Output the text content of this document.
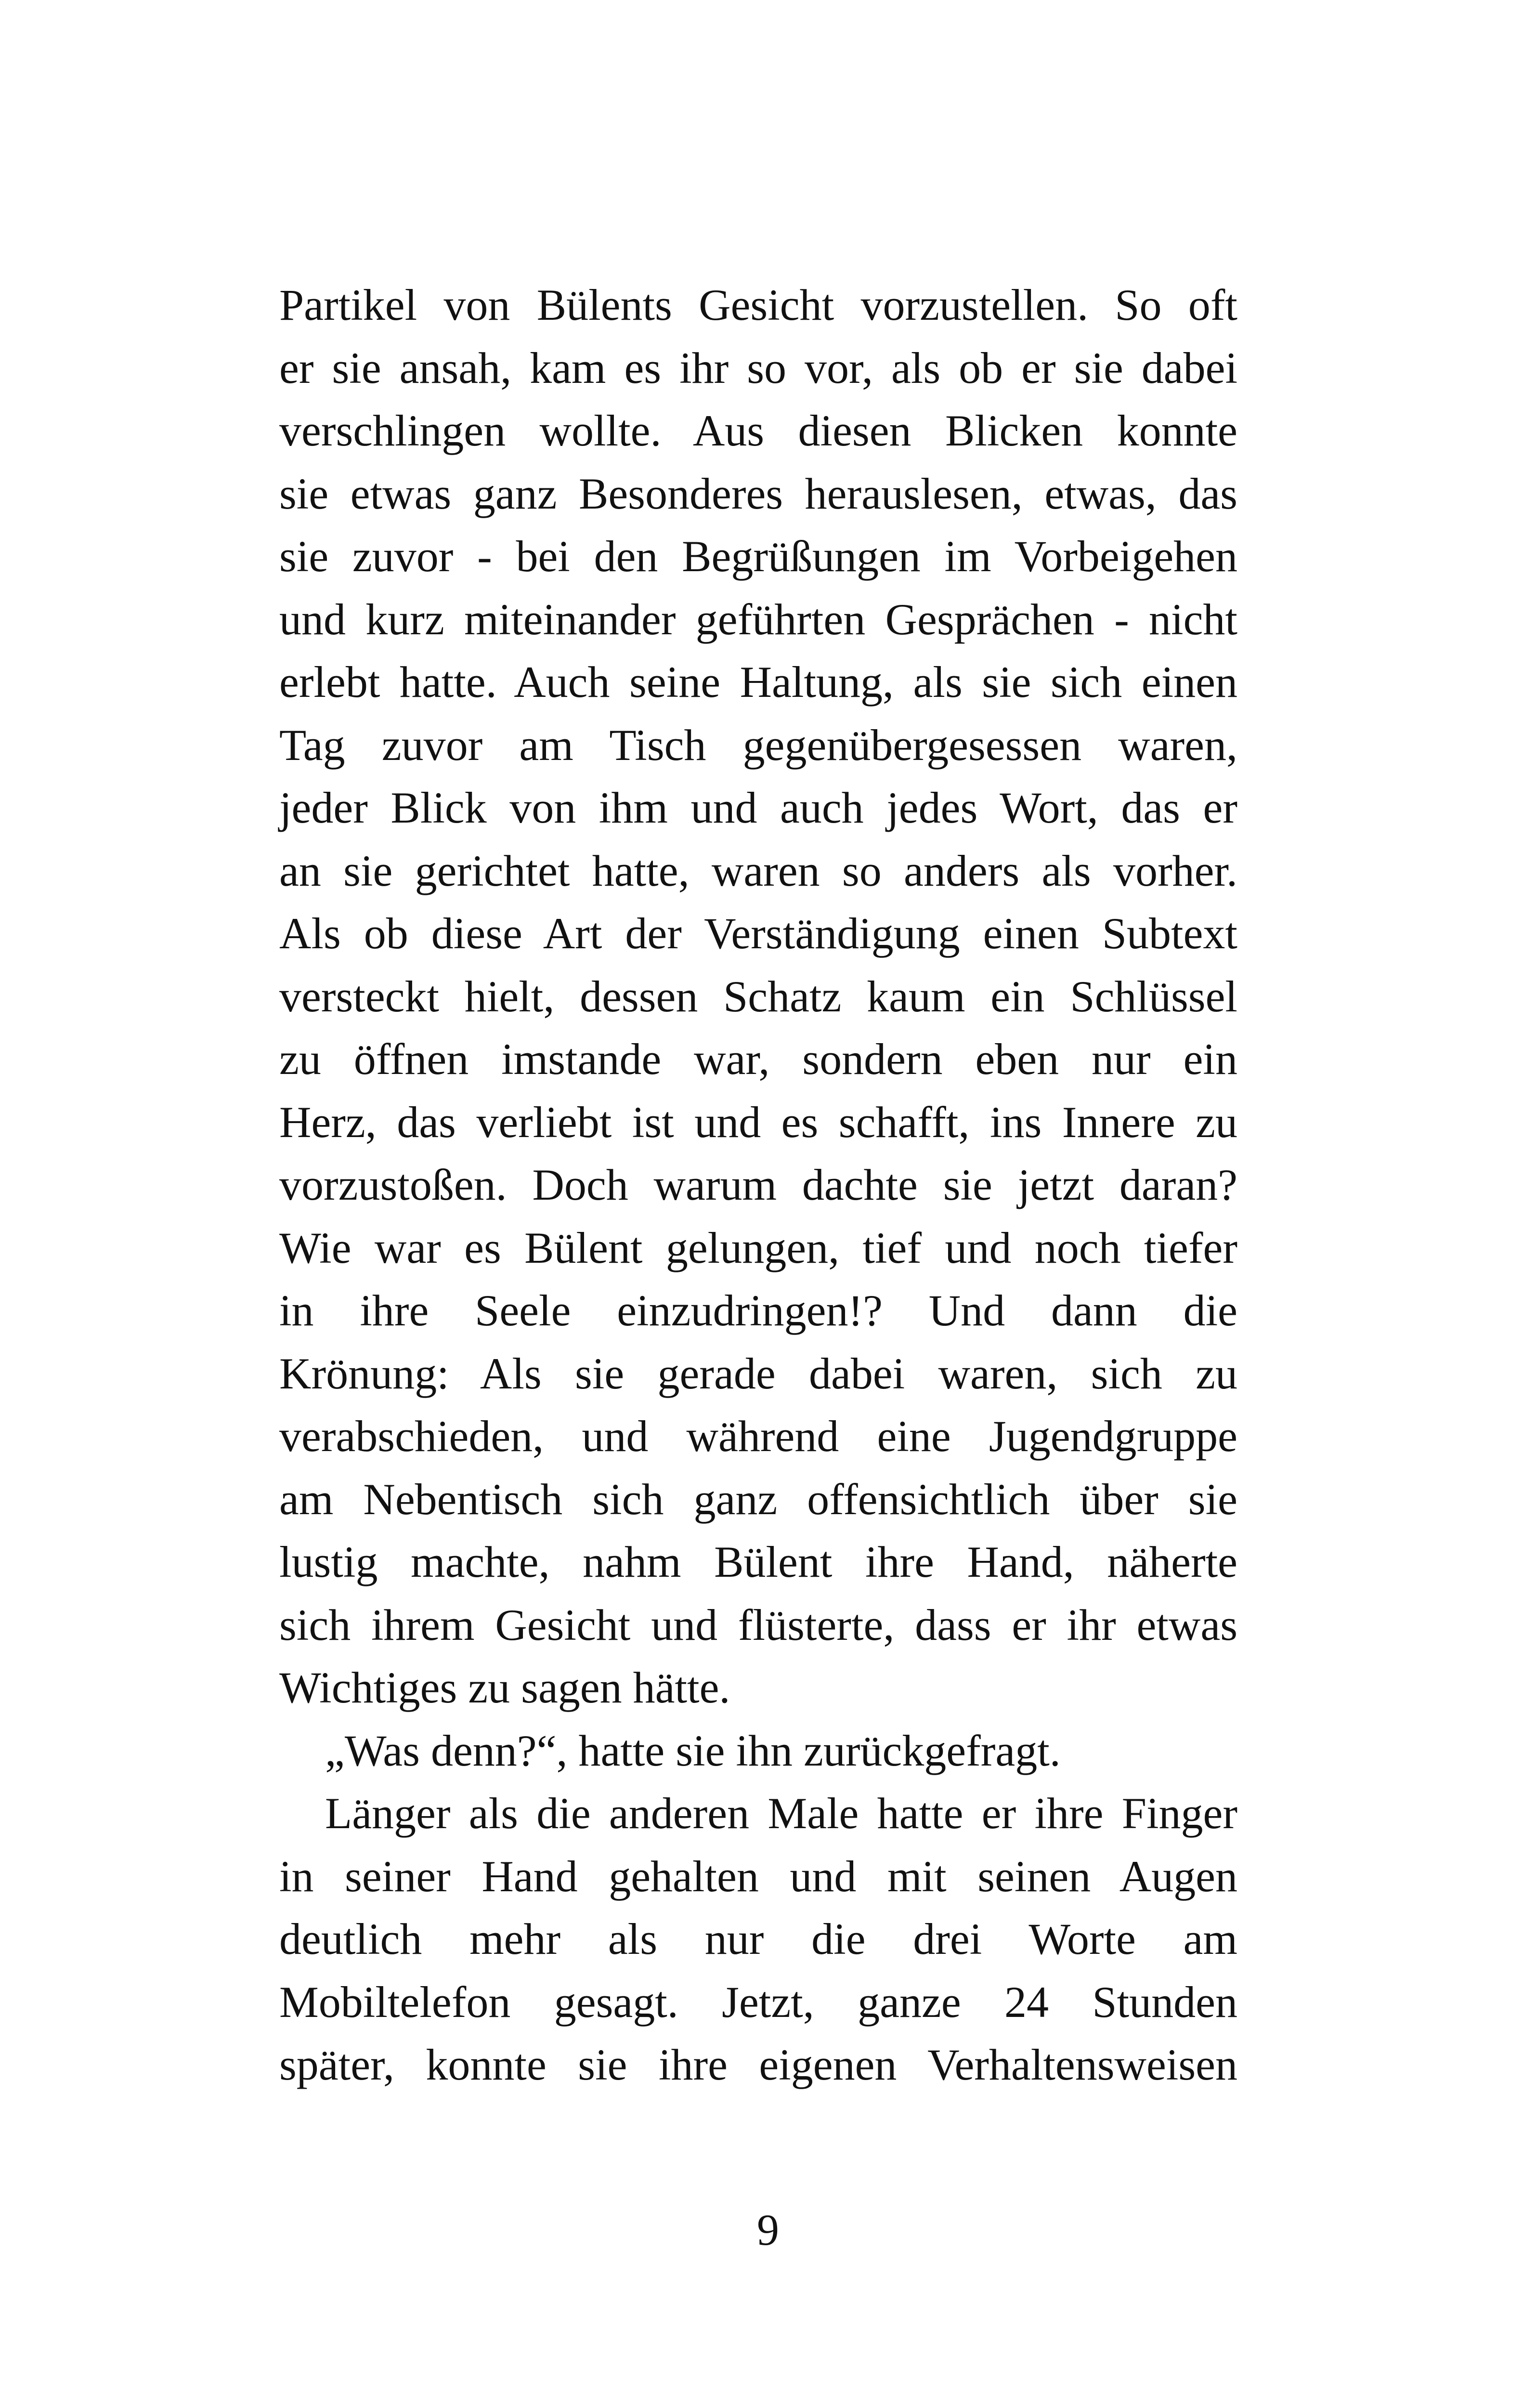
Partikel von Bülents Gesicht vorzustellen. So oft
er sie ansah, kam es ihr so vor, als ob er sie dabei
verschlingen wollte. Aus diesen Blicken konnte
sie etwas ganz Besonderes herauslesen, etwas, das
sie zuvor - bei den Begrüßungen im Vorbeigehen
und kurz miteinander geführten Gesprächen - nicht
erlebt hatte. Auch seine Haltung, als sie sich einen
Tag zuvor am Tisch gegenübergesessen waren,
jeder Blick von ihm und auch jedes Wort, das er
an sie gerichtet hatte, waren so anders als vorher.
Als ob diese Art der Verständigung einen Subtext
versteckt hielt, dessen Schatz kaum ein Schlüssel
zu öffnen imstande war, sondern eben nur ein
Herz, das verliebt ist und es schafft, ins Innere zu
vorzustoßen. Doch warum dachte sie jetzt daran?
Wie war es Bülent gelungen, tief und noch tiefer
in ihre Seele einzudringen!? Und dann die
Krönung: Als sie gerade dabei waren, sich zu
verabschieden, und während eine Jugendgruppe
am Nebentisch sich ganz offensichtlich über sie
lustig machte, nahm Bülent ihre Hand, näherte
sich ihrem Gesicht und flüsterte, dass er ihr etwas
Wichtiges zu sagen hätte.
„Was denn?“, hatte sie ihn zurückgefragt.
Länger als die anderen Male hatte er ihre Finger
in seiner Hand gehalten und mit seinen Augen
deutlich mehr als nur die drei Worte am
Mobiltelefon gesagt. Jetzt, ganze 24 Stunden
später, konnte sie ihre eigenen Verhaltensweisen
9
